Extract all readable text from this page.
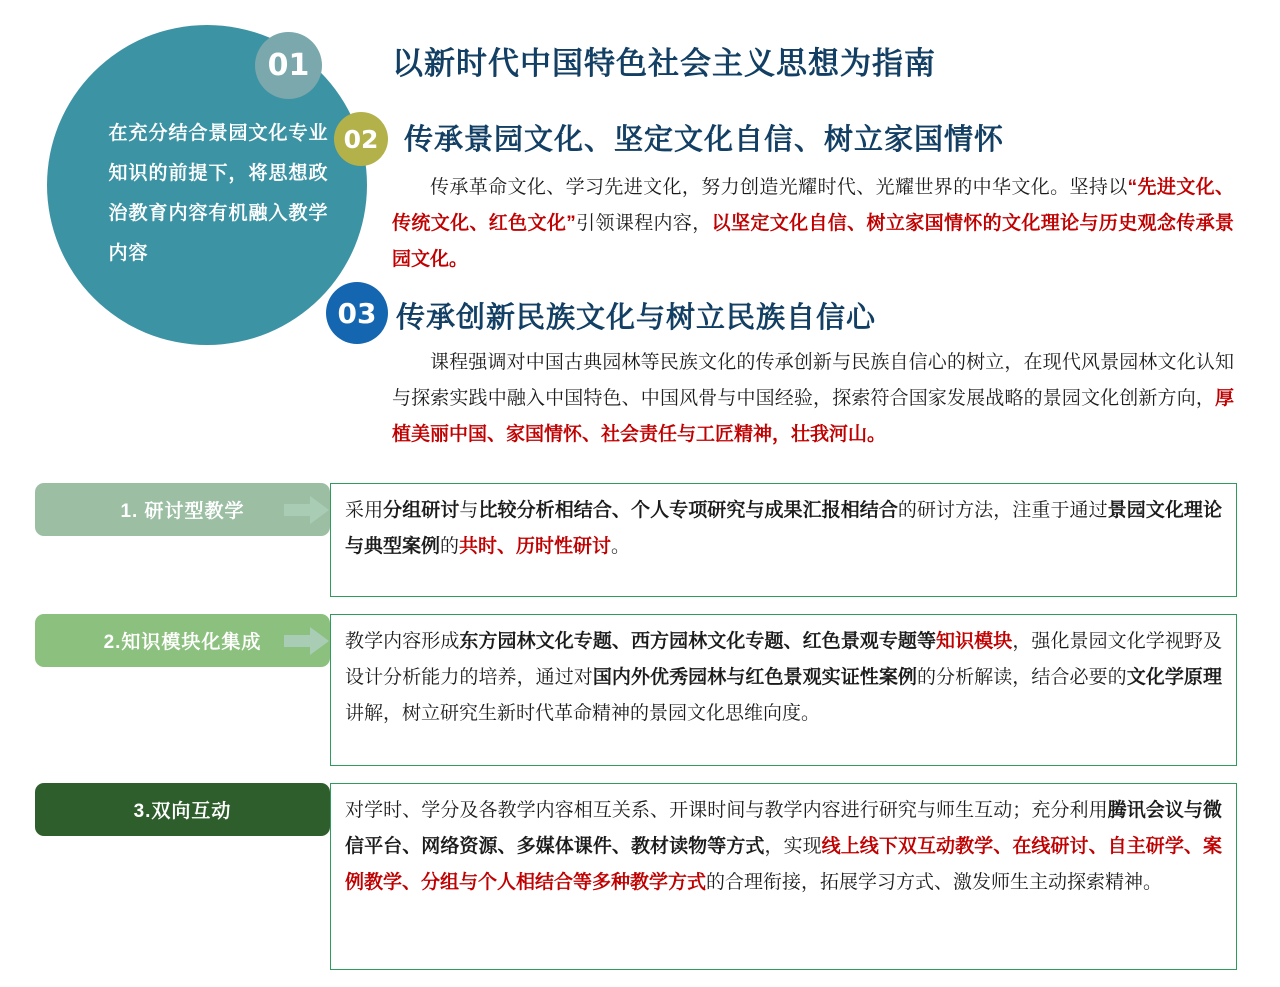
在充分结合景园文化专业知识的前提下，将思想政治教育内容有机融入教学内容
01
02
03
以新时代中国特色社会主义思想为指南
传承景园文化、坚定文化自信、树立家国情怀
传承革命文化、学习先进文化，努力创造光耀时代、光耀世界的中华文化。坚持以“先进文化、传统文化、红色文化”引领课程内容，以坚定文化自信、树立家国情怀的文化理论与历史观念传承景园文化。
传承创新民族文化与树立民族自信心
课程强调对中国古典园林等民族文化的传承创新与民族自信心的树立，在现代风景园林文化认知与探索实践中融入中国特色、中国风骨与中国经验，探索符合国家发展战略的景园文化创新方向，厚植美丽中国、家国情怀、社会责任与工匠精神，壮我河山。
1. 研讨型教学	采用分组研讨与比较分析相结合、个人专项研究与成果汇报相结合的研讨方法，注重于通过景园文化理论与典型案例的共时、历时性研讨。
2.知识模块化集成	教学内容形成东方园林文化专题、西方园林文化专题、红色景观专题等知识模块，强化景园文化学视野及设计分析能力的培养，通过对国内外优秀园林与红色景观实证性案例的分析解读，结合必要的文化学原理讲解，树立研究生新时代革命精神的景园文化思维向度。
3.双向互动	对学时、学分及各教学内容相互关系、开课时间与教学内容进行研究与师生互动；充分利用腾讯会议与微信平台、网络资源、多媒体课件、教材读物等方式，实现线上线下双互动教学、在线研讨、自主研学、案例教学、分组与个人相结合等多种教学方式的合理衔接，拓展学习方式、激发师生主动探索精神。
